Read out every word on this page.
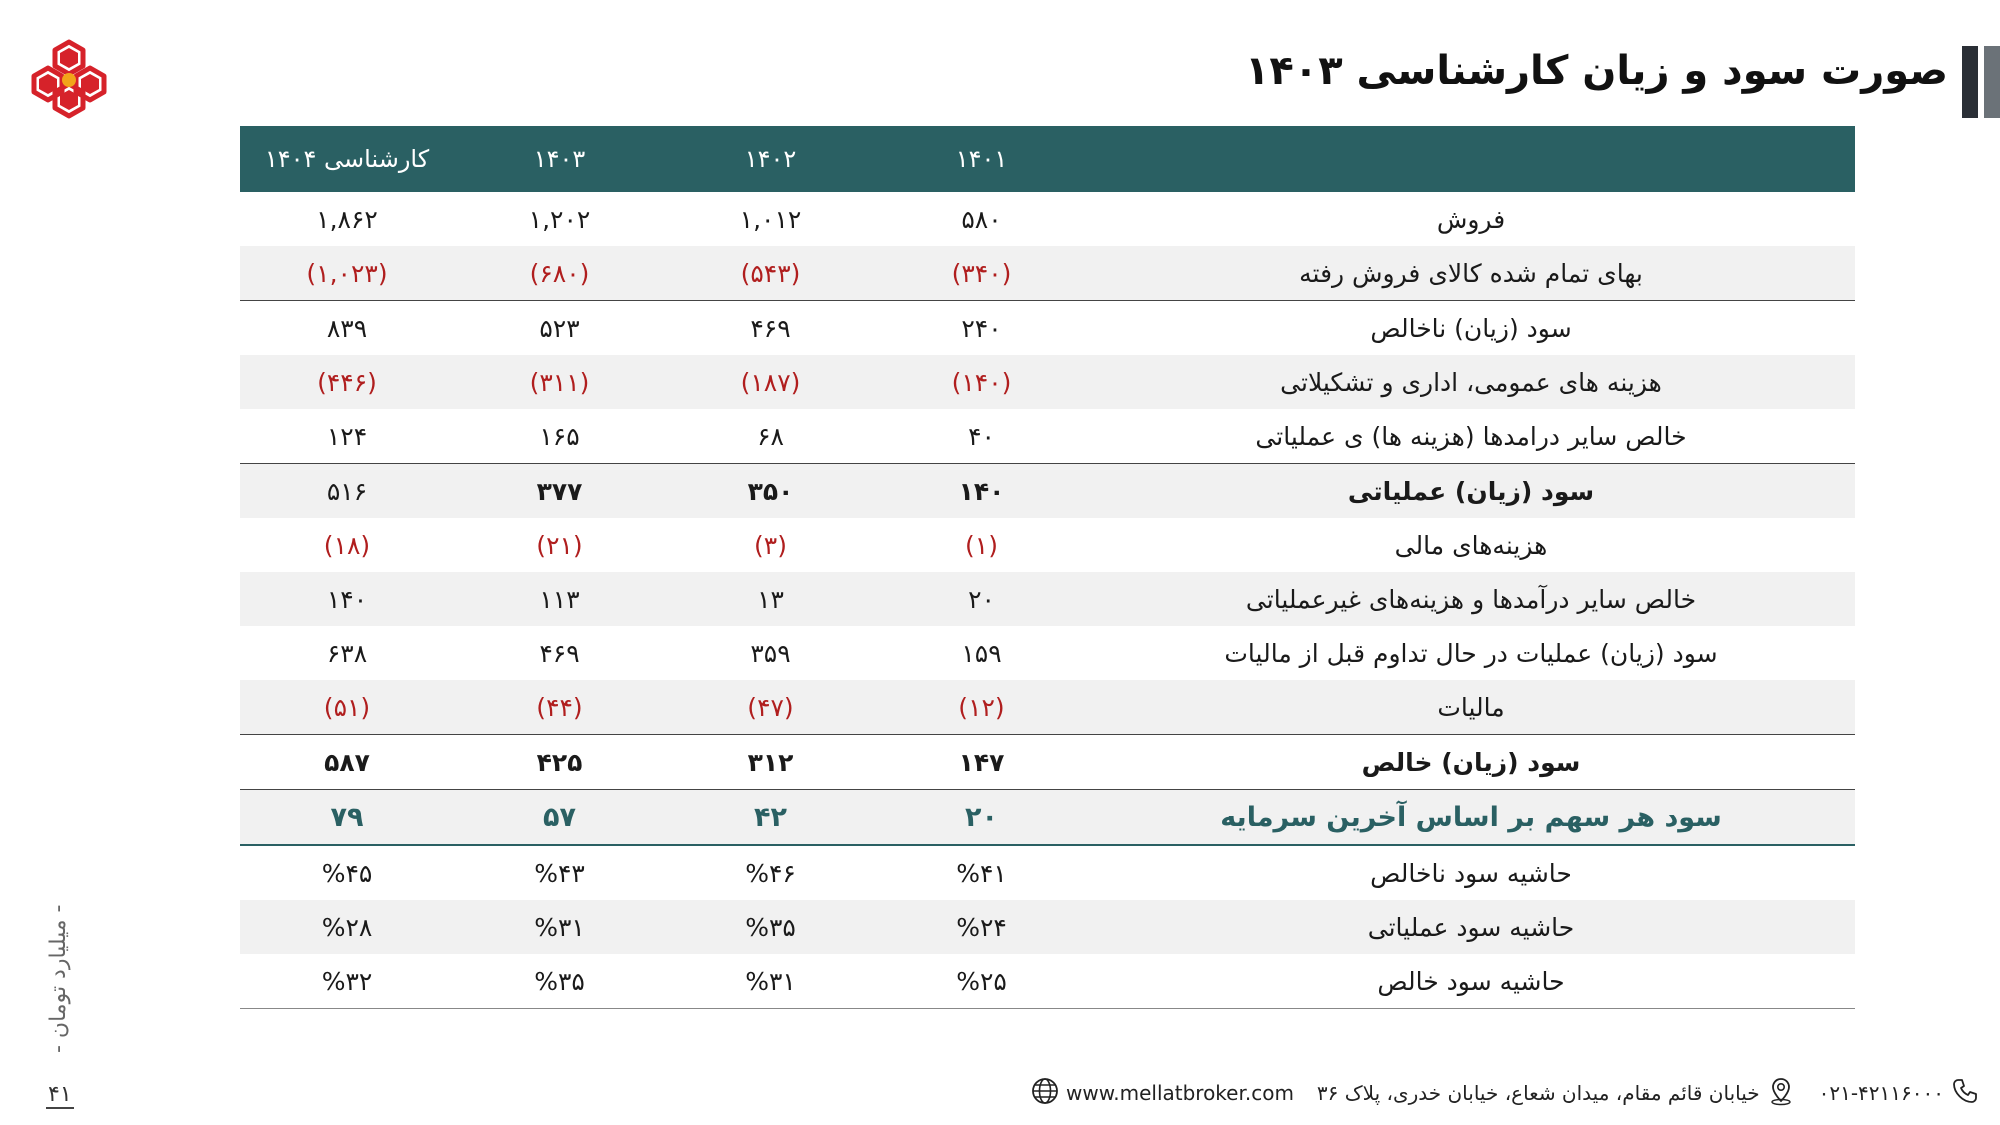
صورت سود و زیان کارشناسی ۱۴۰۳
	۱۴۰۱	۱۴۰۲	۱۴۰۳	کارشناسی ۱۴۰۴
فروش	۵۸۰	۱,۰۱۲	۱,۲۰۲	۱,۸۶۲
بهای تمام شده کالای فروش رفته	(۳۴۰)	(۵۴۳)	(۶۸۰)	(۱,۰۲۳)
سود (زیان) ناخالص	۲۴۰	۴۶۹	۵۲۳	۸۳۹
هزینه های عمومی، اداری و تشکیلاتی	(۱۴۰)	(۱۸۷)	(۳۱۱)	(۴۴۶)
خالص سایر درامدها (هزینه ها) ی عملیاتی	۴۰	۶۸	۱۶۵	۱۲۴
سود (زیان) عملیاتی	۱۴۰	۳۵۰	۳۷۷	۵۱۶
هزینه‌های مالی	(۱)	(۳)	(۲۱)	(۱۸)
خالص سایر درآمدها و هزینه‌های غیرعملیاتی	۲۰	۱۳	۱۱۳	۱۴۰
سود (زیان) عملیات در حال تداوم قبل از مالیات	۱۵۹	۳۵۹	۴۶۹	۶۳۸
مالیات	(۱۲)	(۴۷)	(۴۴)	(۵۱)
سود (زیان) خالص	۱۴۷	۳۱۲	۴۲۵	۵۸۷
سود هر سهم بر اساس آخرین سرمایه	۲۰	۴۲	۵۷	۷۹
حاشیه سود ناخالص	%۴۱	%۴۶	%۴۳	%۴۵
حاشیه سود عملیاتی	%۲۴	%۳۵	%۳۱	%۲۸
حاشیه سود خالص	%۲۵	%۳۱	%۳۵	%۳۲
- میلیارد تومان -
۴۱	www.mellatbroker.com خیابان قائم مقام، میدان شعاع، خیابان خدری، پلاک ۳۶	۰۲۱-۴۲۱۱۶۰۰۰
